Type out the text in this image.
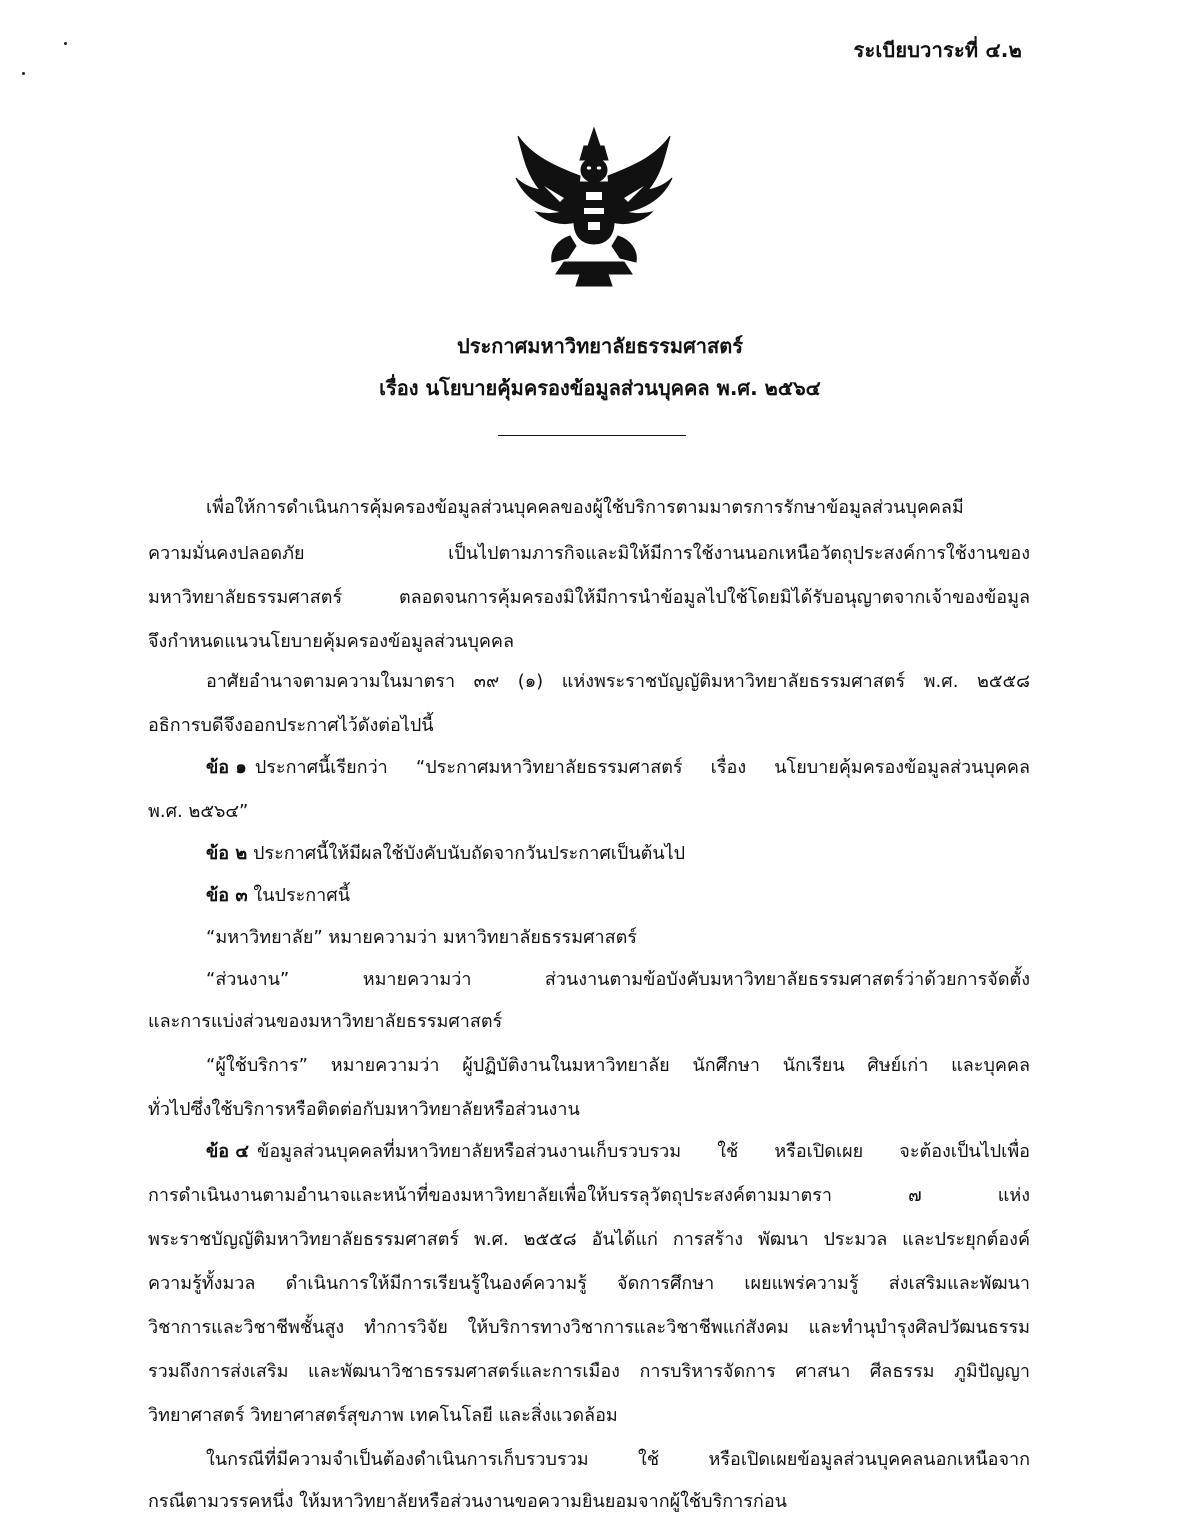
ระเบียบวาระที่ ๔.๒
ประกาศมหาวิทยาลัยธรรมศาสตร์
เรื่อง นโยบายคุ้มครองข้อมูลส่วนบุคคล พ.ศ. ๒๕๖๔
เพื่อให้การดำเนินการคุ้มครองข้อมูลส่วนบุคคลของผู้ใช้บริการตามมาตรการรักษาข้อมูลส่วนบุคคลมี
ความมั่นคงปลอดภัย เป็นไปตามภารกิจและมิให้มีการใช้งานนอกเหนือวัตถุประสงค์การใช้งานของ
มหาวิทยาลัยธรรมศาสตร์ ตลอดจนการคุ้มครองมิให้มีการนำข้อมูลไปใช้โดยมิได้รับอนุญาตจากเจ้าของข้อมูล
จึงกำหนดแนวนโยบายคุ้มครองข้อมูลส่วนบุคคล
อาศัยอำนาจตามความในมาตรา ๓๙ (๑) แห่งพระราชบัญญัติมหาวิทยาลัยธรรมศาสตร์ พ.ศ. ๒๕๕๘
อธิการบดีจึงออกประกาศไว้ดังต่อไปนี้
ข้อ ๑ ประกาศนี้เรียกว่า “ประกาศมหาวิทยาลัยธรรมศาสตร์ เรื่อง นโยบายคุ้มครองข้อมูลส่วนบุคคล
พ.ศ. ๒๕๖๔”
ข้อ ๒ ประกาศนี้ให้มีผลใช้บังคับนับถัดจากวันประกาศเป็นต้นไป
ข้อ ๓ ในประกาศนี้
“มหาวิทยาลัย” หมายความว่า มหาวิทยาลัยธรรมศาสตร์
“ส่วนงาน” หมายความว่า ส่วนงานตามข้อบังคับมหาวิทยาลัยธรรมศาสตร์ว่าด้วยการจัดตั้ง
และการแบ่งส่วนของมหาวิทยาลัยธรรมศาสตร์
“ผู้ใช้บริการ” หมายความว่า ผู้ปฏิบัติงานในมหาวิทยาลัย นักศึกษา นักเรียน ศิษย์เก่า และบุคคล
ทั่วไปซึ่งใช้บริการหรือติดต่อกับมหาวิทยาลัยหรือส่วนงาน
ข้อ ๔ ข้อมูลส่วนบุคคลที่มหาวิทยาลัยหรือส่วนงานเก็บรวบรวม ใช้ หรือเปิดเผย จะต้องเป็นไปเพื่อ
การดำเนินงานตามอำนาจและหน้าที่ของมหาวิทยาลัยเพื่อให้บรรลุวัตถุประสงค์ตามมาตรา ๗ แห่ง
พระราชบัญญัติมหาวิทยาลัยธรรมศาสตร์ พ.ศ. ๒๕๕๘ อันได้แก่ การสร้าง พัฒนา ประมวล และประยุกต์องค์
ความรู้ทั้งมวล ดำเนินการให้มีการเรียนรู้ในองค์ความรู้ จัดการศึกษา เผยแพร่ความรู้ ส่งเสริมและพัฒนา
วิชาการและวิชาชีพชั้นสูง ทำการวิจัย ให้บริการทางวิชาการและวิชาชีพแก่สังคม และทำนุบำรุงศิลปวัฒนธรรม
รวมถึงการส่งเสริม และพัฒนาวิชาธรรมศาสตร์และการเมือง การบริหารจัดการ ศาสนา ศีลธรรม ภูมิปัญญา
วิทยาศาสตร์ วิทยาศาสตร์สุขภาพ เทคโนโลยี และสิ่งแวดล้อม
ในกรณีที่มีความจำเป็นต้องดำเนินการเก็บรวบรวม ใช้ หรือเปิดเผยข้อมูลส่วนบุคคลนอกเหนือจาก
กรณีตามวรรคหนึ่ง ให้มหาวิทยาลัยหรือส่วนงานขอความยินยอมจากผู้ใช้บริการก่อน
